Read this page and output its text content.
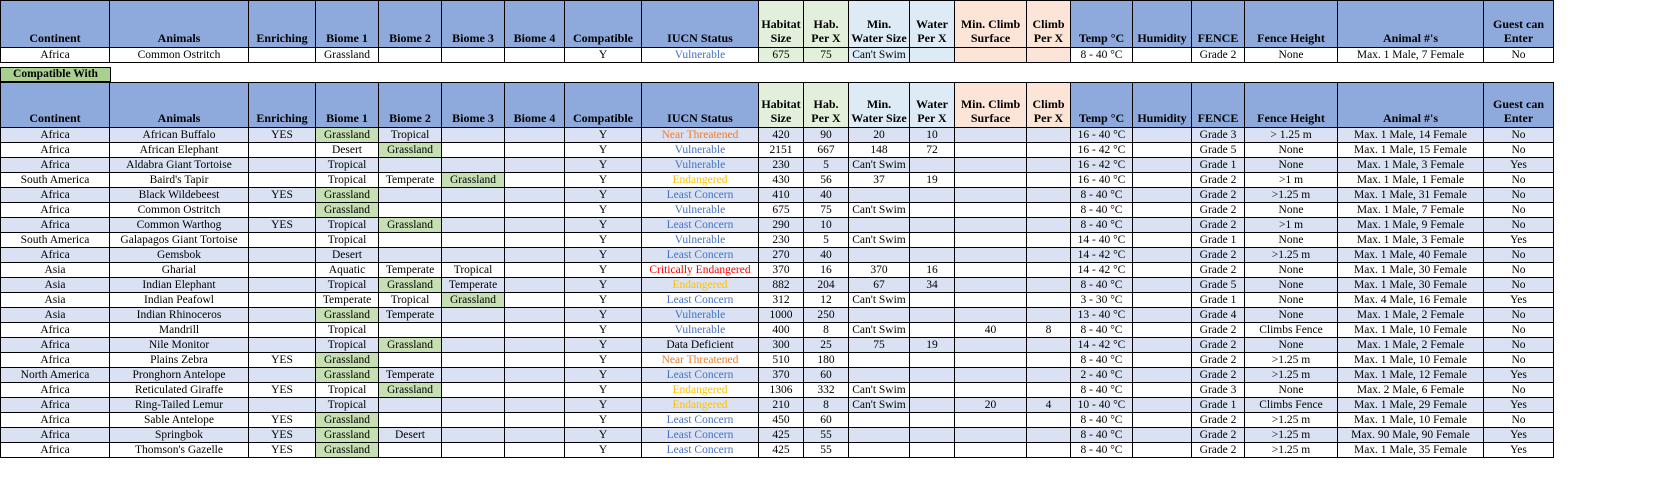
Continent	Animals	Enriching	Biome 1	Biome 2	Biome 3	Biome 4	Compatible	IUCN Status	Habitat Size	Hab. Per X	Min. Water Size	Water Per X	Min. Climb Surface	Climb Per X	Temp °C	Humidity	FENCE	Fence Height	Animal #'s	Guest can Enter
Africa	Common Ostritch		Grassland				Y	Vulnerable	675	75	Can't Swim				8 - 40 °C		Grade 2	None	Max. 1 Male, 7 Female	No
Compatible With
Continent	Animals	Enriching	Biome 1	Biome 2	Biome 3	Biome 4	Compatible	IUCN Status	Habitat Size	Hab. Per X	Min. Water Size	Water Per X	Min. Climb Surface	Climb Per X	Temp °C	Humidity	FENCE	Fence Height	Animal #'s	Guest can Enter
Africa	African Buffalo	YES	Grassland	Tropical			Y	Near Threatened	420	90	20	10			16 - 40 °C		Grade 3	> 1.25 m	Max. 1 Male, 14 Female	No
Africa	African Elephant		Desert	Grassland			Y	Vulnerable	2151	667	148	72			16 - 42 °C		Grade 5	None	Max. 1 Male, 15 Female	No
Africa	Aldabra Giant Tortoise		Tropical				Y	Vulnerable	230	5	Can't Swim				16 - 42 °C		Grade 1	None	Max. 1 Male, 3 Female	Yes
South America	Baird's Tapir		Tropical	Temperate	Grassland		Y	Endangered	430	56	37	19			16 - 40 °C		Grade 2	>1 m	Max. 1 Male, 1 Female	No
Africa	Black Wildebeest	YES	Grassland				Y	Least Concern	410	40					8 - 40 °C		Grade 2	>1.25 m	Max. 1 Male, 31 Female	No
Africa	Common Ostritch		Grassland				Y	Vulnerable	675	75	Can't Swim				8 - 40 °C		Grade 2	None	Max. 1 Male, 7 Female	No
Africa	Common Warthog	YES	Tropical	Grassland			Y	Least Concern	290	10					8 - 40 °C		Grade 2	>1 m	Max. 1 Male, 9 Female	No
South America	Galapagos Giant Tortoise		Tropical				Y	Vulnerable	230	5	Can't Swim				14 - 40 °C		Grade 1	None	Max. 1 Male, 3 Female	Yes
Africa	Gemsbok		Desert				Y	Least Concern	270	40					14 - 42 °C		Grade 2	>1.25 m	Max. 1 Male, 40 Female	No
Asia	Gharial		Aquatic	Temperate	Tropical		Y	Critically Endangered	370	16	370	16			14 - 42 °C		Grade 2	None	Max. 1 Male, 30 Female	No
Asia	Indian Elephant		Tropical	Grassland	Temperate		Y	Endangered	882	204	67	34			8 - 40 °C		Grade 5	None	Max. 1 Male, 30 Female	No
Asia	Indian Peafowl		Temperate	Tropical	Grassland		Y	Least Concern	312	12	Can't Swim				3 - 30 °C		Grade 1	None	Max. 4 Male, 16 Female	Yes
Asia	Indian Rhinoceros		Grassland	Temperate			Y	Vulnerable	1000	250					13 - 40 °C		Grade 4	None	Max. 1 Male, 2 Female	No
Africa	Mandrill		Tropical				Y	Vulnerable	400	8	Can't Swim		40	8	8 - 40 °C		Grade 2	Climbs Fence	Max. 1 Male, 10 Female	No
Africa	Nile Monitor		Tropical	Grassland			Y	Data Deficient	300	25	75	19			14 - 42 °C		Grade 2	None	Max. 1 Male, 2 Female	No
Africa	Plains Zebra	YES	Grassland				Y	Near Threatened	510	180					8 - 40 °C		Grade 2	>1.25 m	Max. 1 Male, 10 Female	No
North America	Pronghorn Antelope		Grassland	Temperate			Y	Least Concern	370	60					2 - 40 °C		Grade 2	>1.25 m	Max. 1 Male, 12 Female	Yes
Africa	Reticulated Giraffe	YES	Tropical	Grassland			Y	Endangered	1306	332	Can't Swim				8 - 40 °C		Grade 3	None	Max. 2 Male, 6 Female	No
Africa	Ring-Tailed Lemur		Tropical				Y	Endangered	210	8	Can't Swim		20	4	10 - 40 °C		Grade 1	Climbs Fence	Max. 1 Male, 29 Female	Yes
Africa	Sable Antelope	YES	Grassland				Y	Least Concern	450	60					8 - 40 °C		Grade 2	>1.25 m	Max. 1 Male, 10 Female	No
Africa	Springbok	YES	Grassland	Desert			Y	Least Concern	425	55					8 - 40 °C		Grade 2	>1.25 m	Max. 90 Male, 90 Female	Yes
Africa	Thomson's Gazelle	YES	Grassland				Y	Least Concern	425	55					8 - 40 °C		Grade 2	>1.25 m	Max. 1 Male, 35 Female	Yes
